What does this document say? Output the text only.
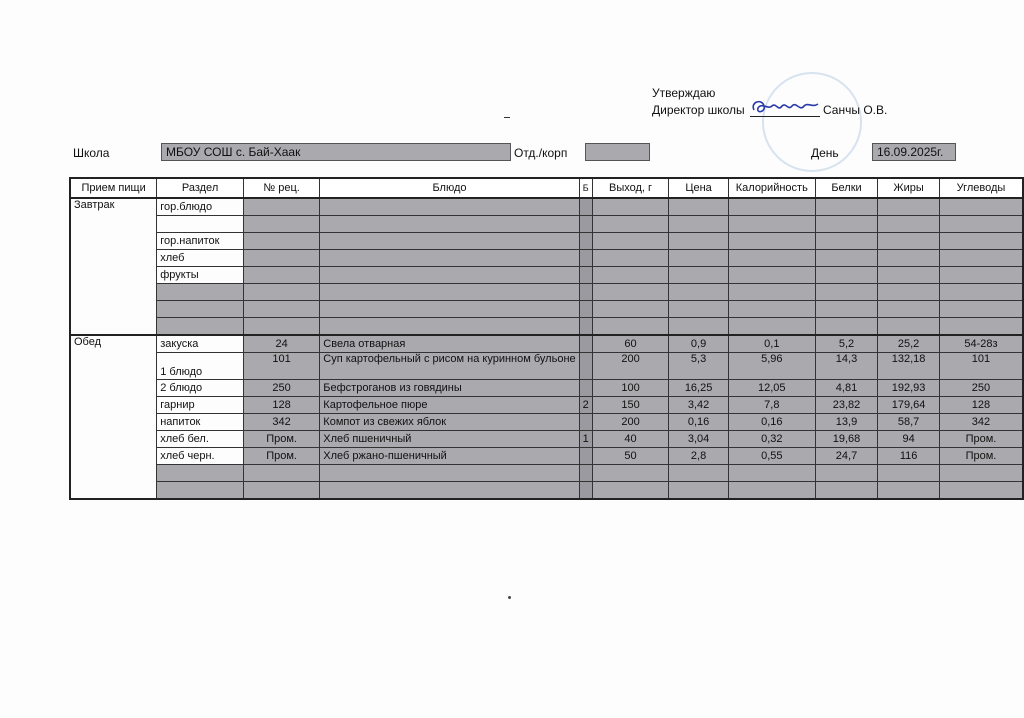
Утверждаю
Директор школы	Санчы О.В.
Школа	МБОУ СОШ с. Бай-Хаак	Отд./корп	День	16.09.2025г.
Прием пищи	Раздел	№ рец.	Блюдо	Б	Выход, г	Цена	Калорийность	Белки	Жиры	Углеводы
Завтрак	гор.блюдо									

	гор.напиток									
	хлеб									
	фрукты									

Обед	закуска	24	Свела отварная		60	0,9	0,1	5,2	25,2	54-28з
	1 блюдо	101	Суп картофельный с рисом на куринном бульоне		200	5,3	5,96	14,3	132,18	101
	2 блюдо	250	Бефстроганов из говядины		100	16,25	12,05	4,81	192,93	250
	гарнир	128	Картофельное пюре	2	150	3,42	7,8	23,82	179,64	128
	напиток	342	Компот из свежих яблок		200	0,16	0,16	13,9	58,7	342
	хлеб бел.	Пром.	Хлеб пшеничный	1	40	3,04	0,32	19,68	94	Пром.
	хлеб черн.	Пром.	Хлеб ржано-пшеничный		50	2,8	0,55	24,7	116	Пром.
